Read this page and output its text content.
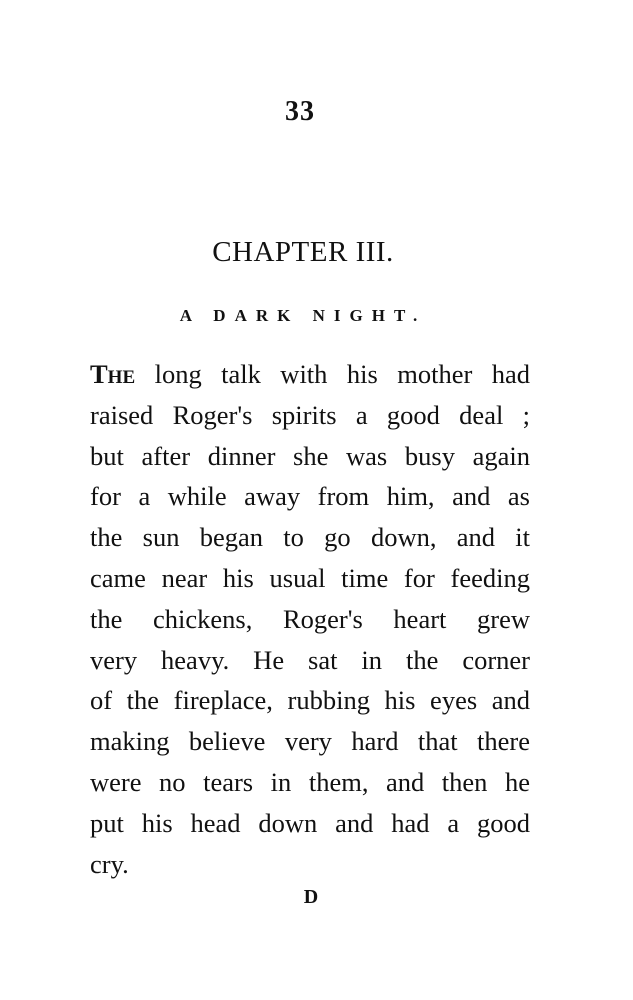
33
CHAPTER III.
A DARK NIGHT.
The long talk with his mother had
raised Roger's spirits a good deal ;
but after dinner she was busy again
for a while away from him, and as
the sun began to go down, and it
came near his usual time for feeding
the chickens, Roger's heart grew
very heavy. He sat in the corner
of the fireplace, rubbing his eyes and
making believe very hard that there
were no tears in them, and then he
put his head down and had a good
cry.
D
